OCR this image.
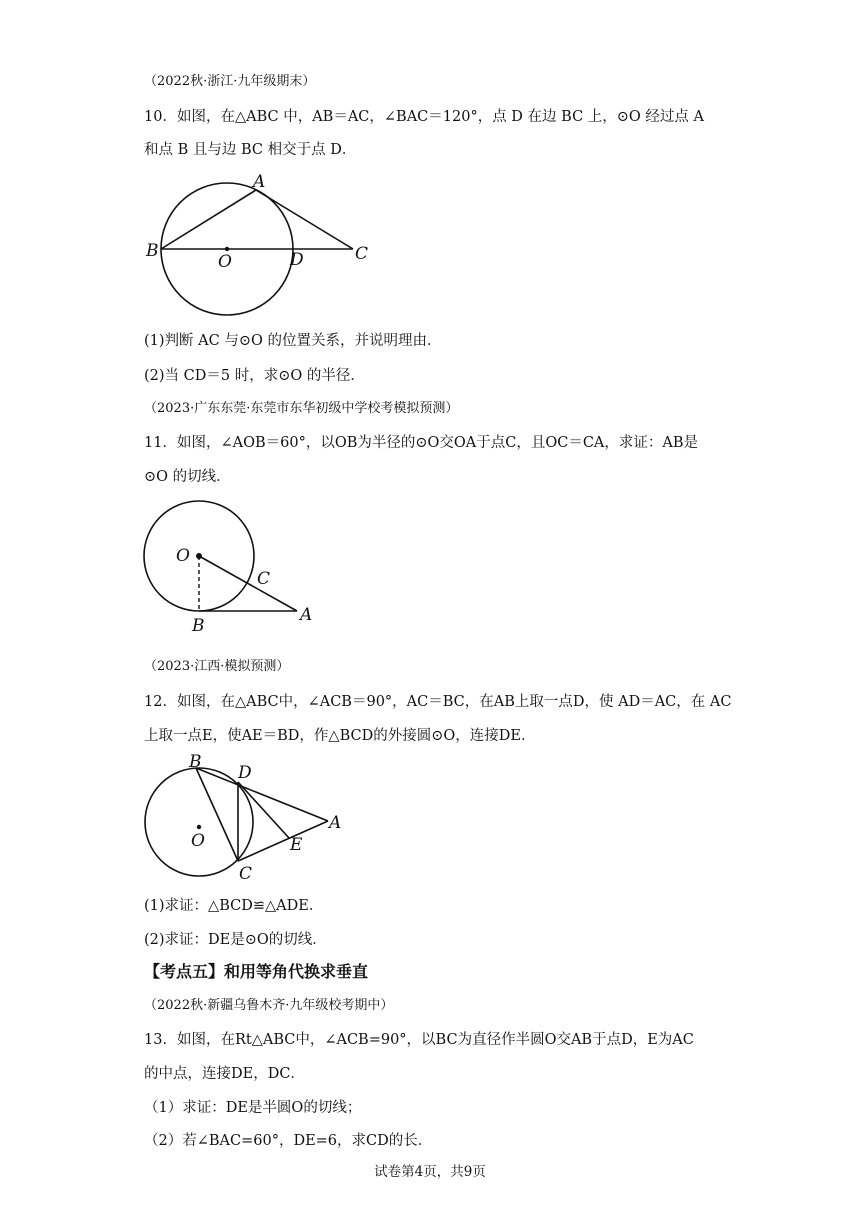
（2022秋·浙江·九年级期末）
10．如图，在△ABC 中，AB＝AC，∠BAC＝120°，点 D 在边 BC 上，⊙O 经过点 A
和点 B 且与边 BC 相交于点 D．
A
B
O	D	C
(1)判断 AC 与⊙O 的位置关系，并说明理由．
(2)当 CD＝5 时，求⊙O 的半径．
（2023·广东东莞·东莞市东华初级中学校考模拟预测）
11．如图，∠AOB＝60°，以OB为半径的⊙O交OA于点C，且OC＝CA，求证：AB是
⊙O 的切线．
O
C
B
A
（2023·江西·模拟预测）
12．如图，在△ABC中，∠ACB＝90°，AC＝BC，在AB上取一点D，使 AD＝AC，在 AC
上取一点E，使AE＝BD，作△BCD的外接圆⊙O，连接DE．
B
D
A
O	E
C
(1)求证：△BCD≌△ADE．
(2)求证：DE是⊙O的切线．
【考点五】和用等角代换求垂直
（2022秋·新疆乌鲁木齐·九年级校考期中）
13．如图，在Rt△ABC中，∠ACB=90°，以BC为直径作半圆O交AB于点D，E为AC
的中点，连接DE，DC．
（1）求证：DE是半圆O的切线；
（2）若∠BAC=60°，DE=6，求CD的长．
试卷第4页，共9页
